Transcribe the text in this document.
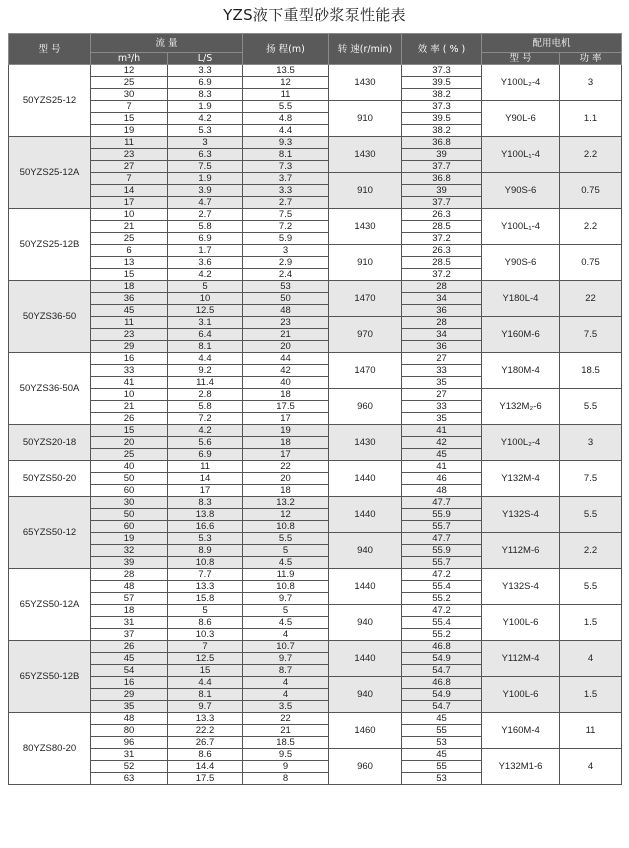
YZS液下重型砂浆泵性能表
型 号	流 量		扬 程(m)	转 速(r/min)	效 率 ( % )	配用电机	
	m³/h	L/S				型 号	功 率
50YZS25-12	12	3.3	13.5	1430	37.3	Y100L₂-4	3
	25	6.9	12		39.5		
	30	8.3	11		38.2		
	7	1.9	5.5	910	37.3	Y90L-6	1.1
	15	4.2	4.8		39.5		
	19	5.3	4.4		38.2		
50YZS25-12A	11	3	9.3	1430	36.8	Y100L₁-4	2.2
	23	6.3	8.1		39		
	27	7.5	7.3		37.7		
	7	1.9	3.7	910	36.8	Y90S-6	0.75
	14	3.9	3.3		39		
	17	4.7	2.7		37.7		
50YZS25-12B	10	2.7	7.5	1430	26.3	Y100L₁-4	2.2
	21	5.8	7.2		28.5		
	25	6.9	5.9		37.2		
	6	1.7	3	910	26.3	Y90S-6	0.75
	13	3.6	2.9		28.5		
	15	4.2	2.4		37.2		
50YZS36-50	18	5	53	1470	28	Y180L-4	22
	36	10	50		34		
	45	12.5	48		36		
	11	3.1	23	970	28	Y160M-6	7.5
	23	6.4	21		34		
	29	8.1	20		36		
50YZS36-50A	16	4.4	44	1470	27	Y180M-4	18.5
	33	9.2	42		33		
	41	11.4	40		35		
	10	2.8	18	960	27	Y132M₂-6	5.5
	21	5.8	17.5		33		
	26	7.2	17		35		
50YZS20-18	15	4.2	19	1430	41	Y100L₂-4	3
	20	5.6	18		42		
	25	6.9	17		45		
50YZS50-20	40	11	22	1440	41	Y132M-4	7.5
	50	14	20		46		
	60	17	18		48		
65YZS50-12	30	8.3	13.2	1440	47.7	Y132S-4	5.5
	50	13.8	12		55.9		
	60	16.6	10.8		55.7		
	19	5.3	5.5	940	47.7	Y112M-6	2.2
	32	8.9	5		55.9		
	39	10.8	4.5		55.7		
65YZS50-12A	28	7.7	11.9	1440	47.2	Y132S-4	5.5
	48	13.3	10.8		55.4		
	57	15.8	9.7		55.2		
	18	5	5	940	47.2	Y100L-6	1.5
	31	8.6	4.5		55.4		
	37	10.3	4		55.2		
65YZS50-12B	26	7	10.7	1440	46.8	Y112M-4	4
	45	12.5	9.7		54.9		
	54	15	8.7		54.7		
	16	4.4	4	940	46.8	Y100L-6	1.5
	29	8.1	4		54.9		
	35	9.7	3.5		54.7		
80YZS80-20	48	13.3	22	1460	45	Y160M-4	11
	80	22.2	21		55		
	96	26.7	18.5		53		
	31	8.6	9.5	960	45	Y132M1-6	4
	52	14.4	9		55		
	63	17.5	8		53		
